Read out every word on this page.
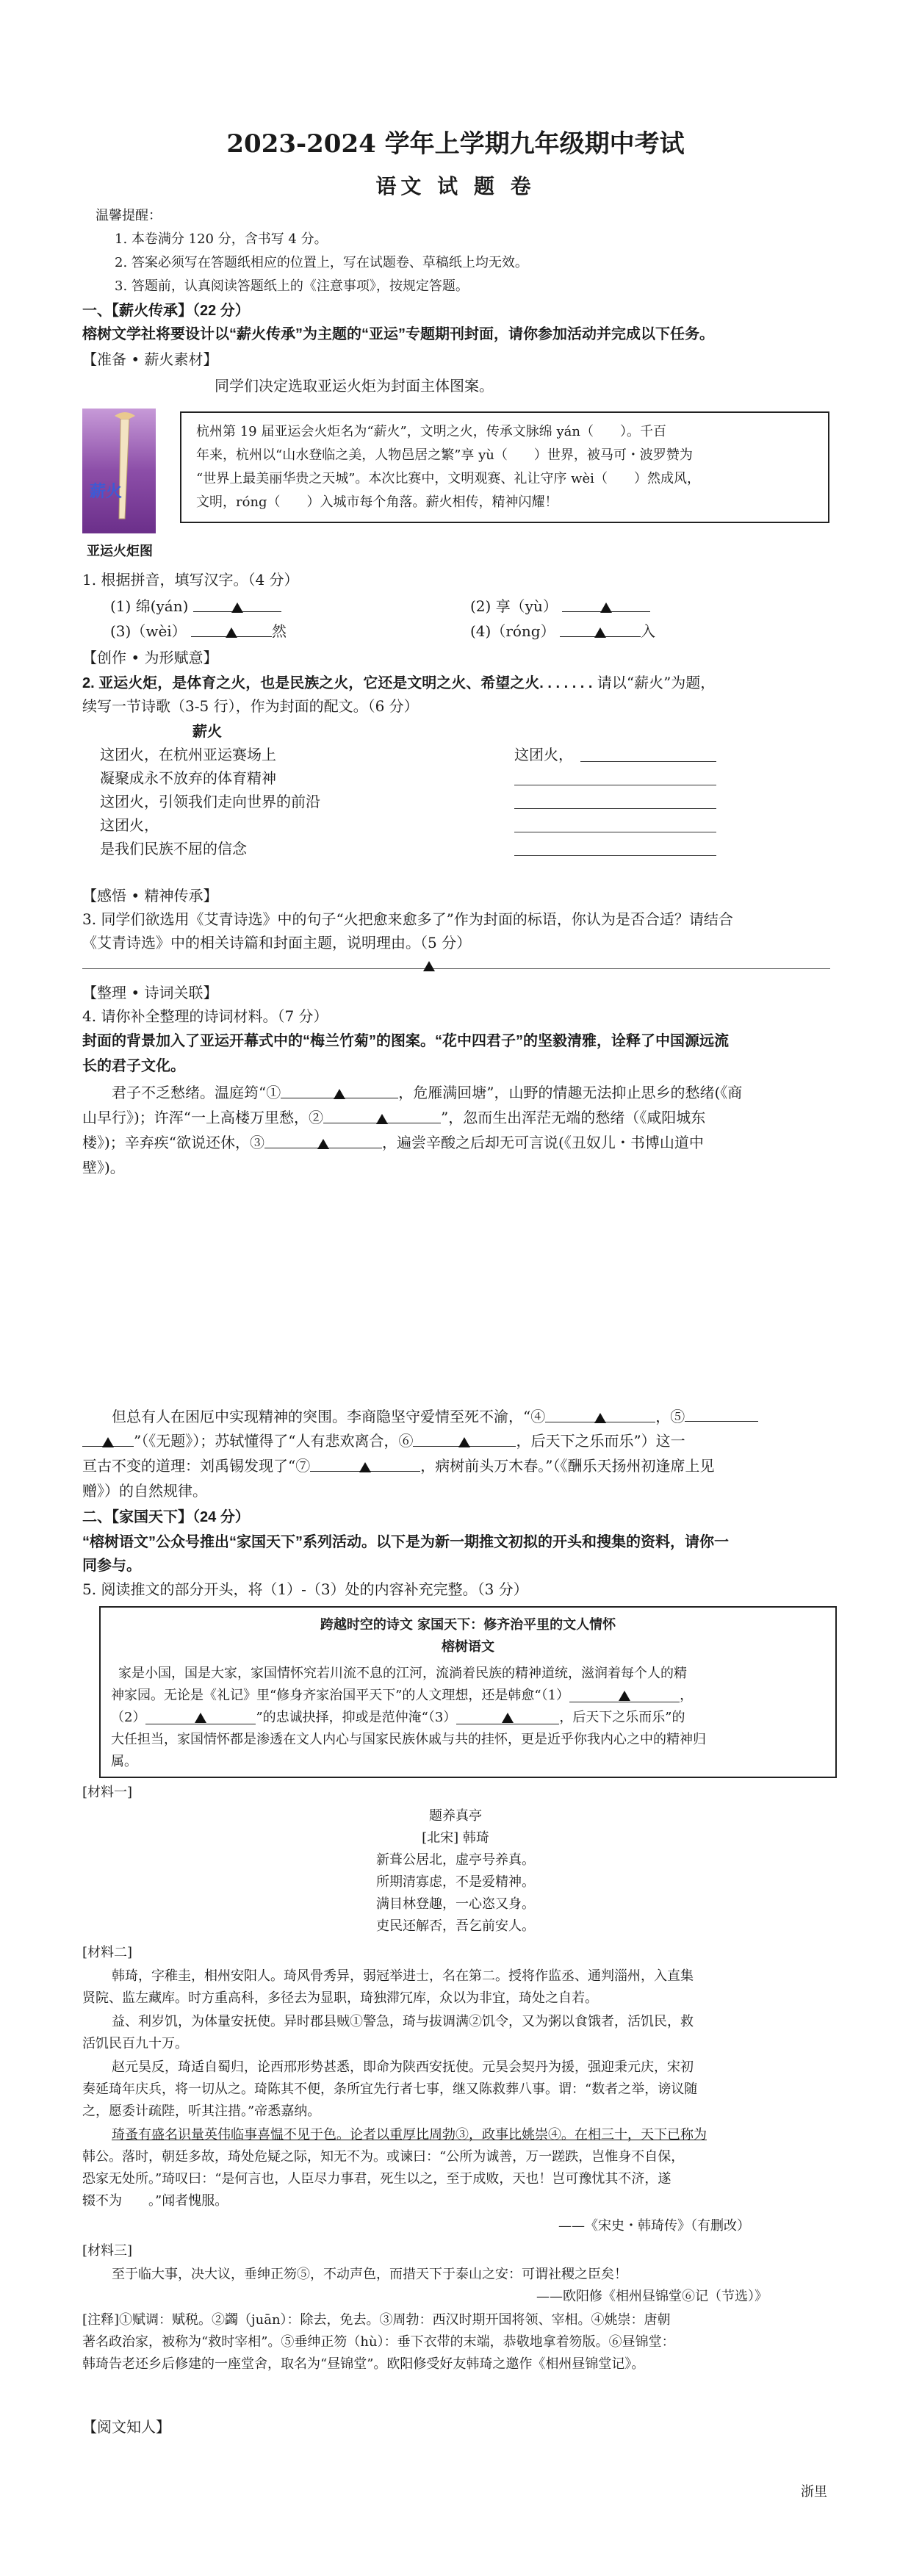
2023-2024 学年上学期九年级期中考试
语文 试 题 卷
温馨提醒：
1. 本卷满分 120 分，含书写 4 分。
2. 答案必须写在答题纸相应的位置上，写在试题卷、草稿纸上均无效。
3. 答题前，认真阅读答题纸上的《注意事项》，按规定答题。
一、【薪火传承】（22 分）
榕树文学社将要设计以“薪火传承”为主题的“亚运”专题期刊封面，请你参加活动并完成以下任务。
【准备 • 薪火素材】
同学们决定选取亚运火炬为封面主体图案。
薪火
杭州第 19 届亚运会火炬名为“薪火”，文明之火，传承文脉绵 yán（　　）。千百
年来，杭州以“山水登临之美，人物邑居之繁”享 yù（　　）世界，被马可・波罗赞为
“世界上最美丽华贵之天城”。本次比赛中，文明观赛、礼让守序 wèi（　　）然成风，
文明，róng（　　）入城市每个角落。薪火相传，精神闪耀！
亚运火炬图
1. 根据拼音，填写汉字。（4 分）
(1) 绵(yán)	(2) 享（yù）
(3)（wèi）	然	(4)（róng）	入
【创作 • 为形赋意】
2. 亚运火炬，是体育之火，也是民族之火，它还是文明之火、希望之火. . . . . . . 请以“薪火”为题，
续写一节诗歌（3-5 行），作为封面的配文。（6 分）
薪火
这团火，在杭州亚运赛场上
凝聚成永不放弃的体育精神
这团火，引领我们走向世界的前沿
这团火，
是我们民族不屈的信念
这团火，
【感悟 • 精神传承】
3. 同学们欲选用《艾青诗选》中的句子“火把愈来愈多了”作为封面的标语，你认为是否合适？请结合
《艾青诗选》中的相关诗篇和封面主题，说明理由。（5 分）
【整理 • 诗词关联】
4. 请你补全整理的诗词材料。（7 分）
封面的背景加入了亚运开幕式中的“梅兰竹菊”的图案。“花中四君子”的坚毅清雅，诠释了中国源远流
长的君子文化。
君子不乏愁绪。温庭筠“①	，危雁满回塘”，山野的情趣无法抑止思乡的愁绪(《商
山早行》)；许浑“一上高楼万里愁，②	”，忽而生出浑茫无端的愁绪（《咸阳城东
楼》)；辛弃疾“欲说还休，③	，遍尝辛酸之后却无可言说(《丑奴儿・书博山道中
壁》)。
但总有人在困厄中实现精神的突围。李商隐坚守爱情至死不渝，“④	，⑤
”（《无题》）；苏轼懂得了“人有悲欢离合，⑥	，后天下之乐而乐”）这一
亘古不变的道理：刘禹锡发现了“⑦	，病树前头万木春。”（《酬乐天扬州初逢席上见
赠》）的自然规律。
二、【家国天下】（24 分）
“榕树语文”公众号推出“家国天下”系列活动。以下是为新一期推文初拟的开头和搜集的资料，请你一
同参与。
5. 阅读推文的部分开头，将（1）-（3）处的内容补充完整。（3 分）
跨越时空的诗文 家国天下：修齐治平里的文人情怀
榕树语文
家是小国，国是大家，家国情怀究若川流不息的江河，流淌着民族的精神道统，滋润着每个人的精
神家园。无论是《礼记》里“修身齐家治国平天下”的人文理想，还是韩愈“（1）	，
（2）	”的忠诚抉择，抑或是范仲淹“（3）	，后天下之乐而乐”的
大任担当，家国情怀都是渗透在文人内心与国家民族休戚与共的挂怀，更是近乎你我内心之中的精神归
属。
[材料一]
题养真亭
[北宋] 韩琦
新葺公居北，虚亭号养真。
所期清寡虑，不是爱精神。
满目林登趣，一心恣又身。
吏民还解否，吾乞前安人。
[材料二]
韩琦，字稚圭，相州安阳人。琦风骨秀异，弱冠举进士，名在第二。授将作监丞、通判淄州，入直集
贤院、监左藏库。时方重高科，多径去为显职，琦独滞冗库，众以为非宜，琦处之自若。
益、利岁饥，为体量安抚使。异时郡县贼①警急，琦与拔调满②饥令，又为粥以食饿者，活饥民，救
活饥民百九十万。
赵元昊反，琦适自蜀归，论西邢形势甚悉，即命为陕西安抚使。元昊会契丹为援，强迎秉元庆，宋初
奏延琦年庆兵，将一切从之。琦陈其不便，条所宜先行者七事，继又陈救葬八事。谓：“数者之举，谤议随
之，愿委计疏陛，听其注措。”帝悉嘉纳。
琦蚤有盛名识量英伟临事喜愠不见于色。论者以重厚比周勃③，政事比姚崇④。在相三十，天下已称为
韩公。落时，朝廷多故，琦处危疑之际，知无不为。或谏曰：“公所为诚善，万一蹉跌，岂惟身不自保，
恐家无处所。”琦叹曰：“是何言也，人臣尽力事君，死生以之，至于成败，天也！岂可豫忧其不济，遂
辍不为　　。”闻者愧服。
——《宋史・韩琦传》（有删改）
[材料三]
至于临大事，决大议，垂绅正笏⑤，不动声色，而措天下于泰山之安：可谓社稷之臣矣！
——欧阳修《相州昼锦堂⑥记（节选）》
[注释]①赋调：赋税。②蠲（juān）：除去，免去。③周勃：西汉时期开国将领、宰相。④姚崇：唐朝
著名政治家，被称为“救时宰相”。⑤垂绅正笏（hù）：垂下衣带的末端，恭敬地拿着笏版。⑥昼锦堂：
韩琦告老还乡后修建的一座堂舍，取名为“昼锦堂”。欧阳修受好友韩琦之邀作《相州昼锦堂记》。
【阅文知人】
浙里
